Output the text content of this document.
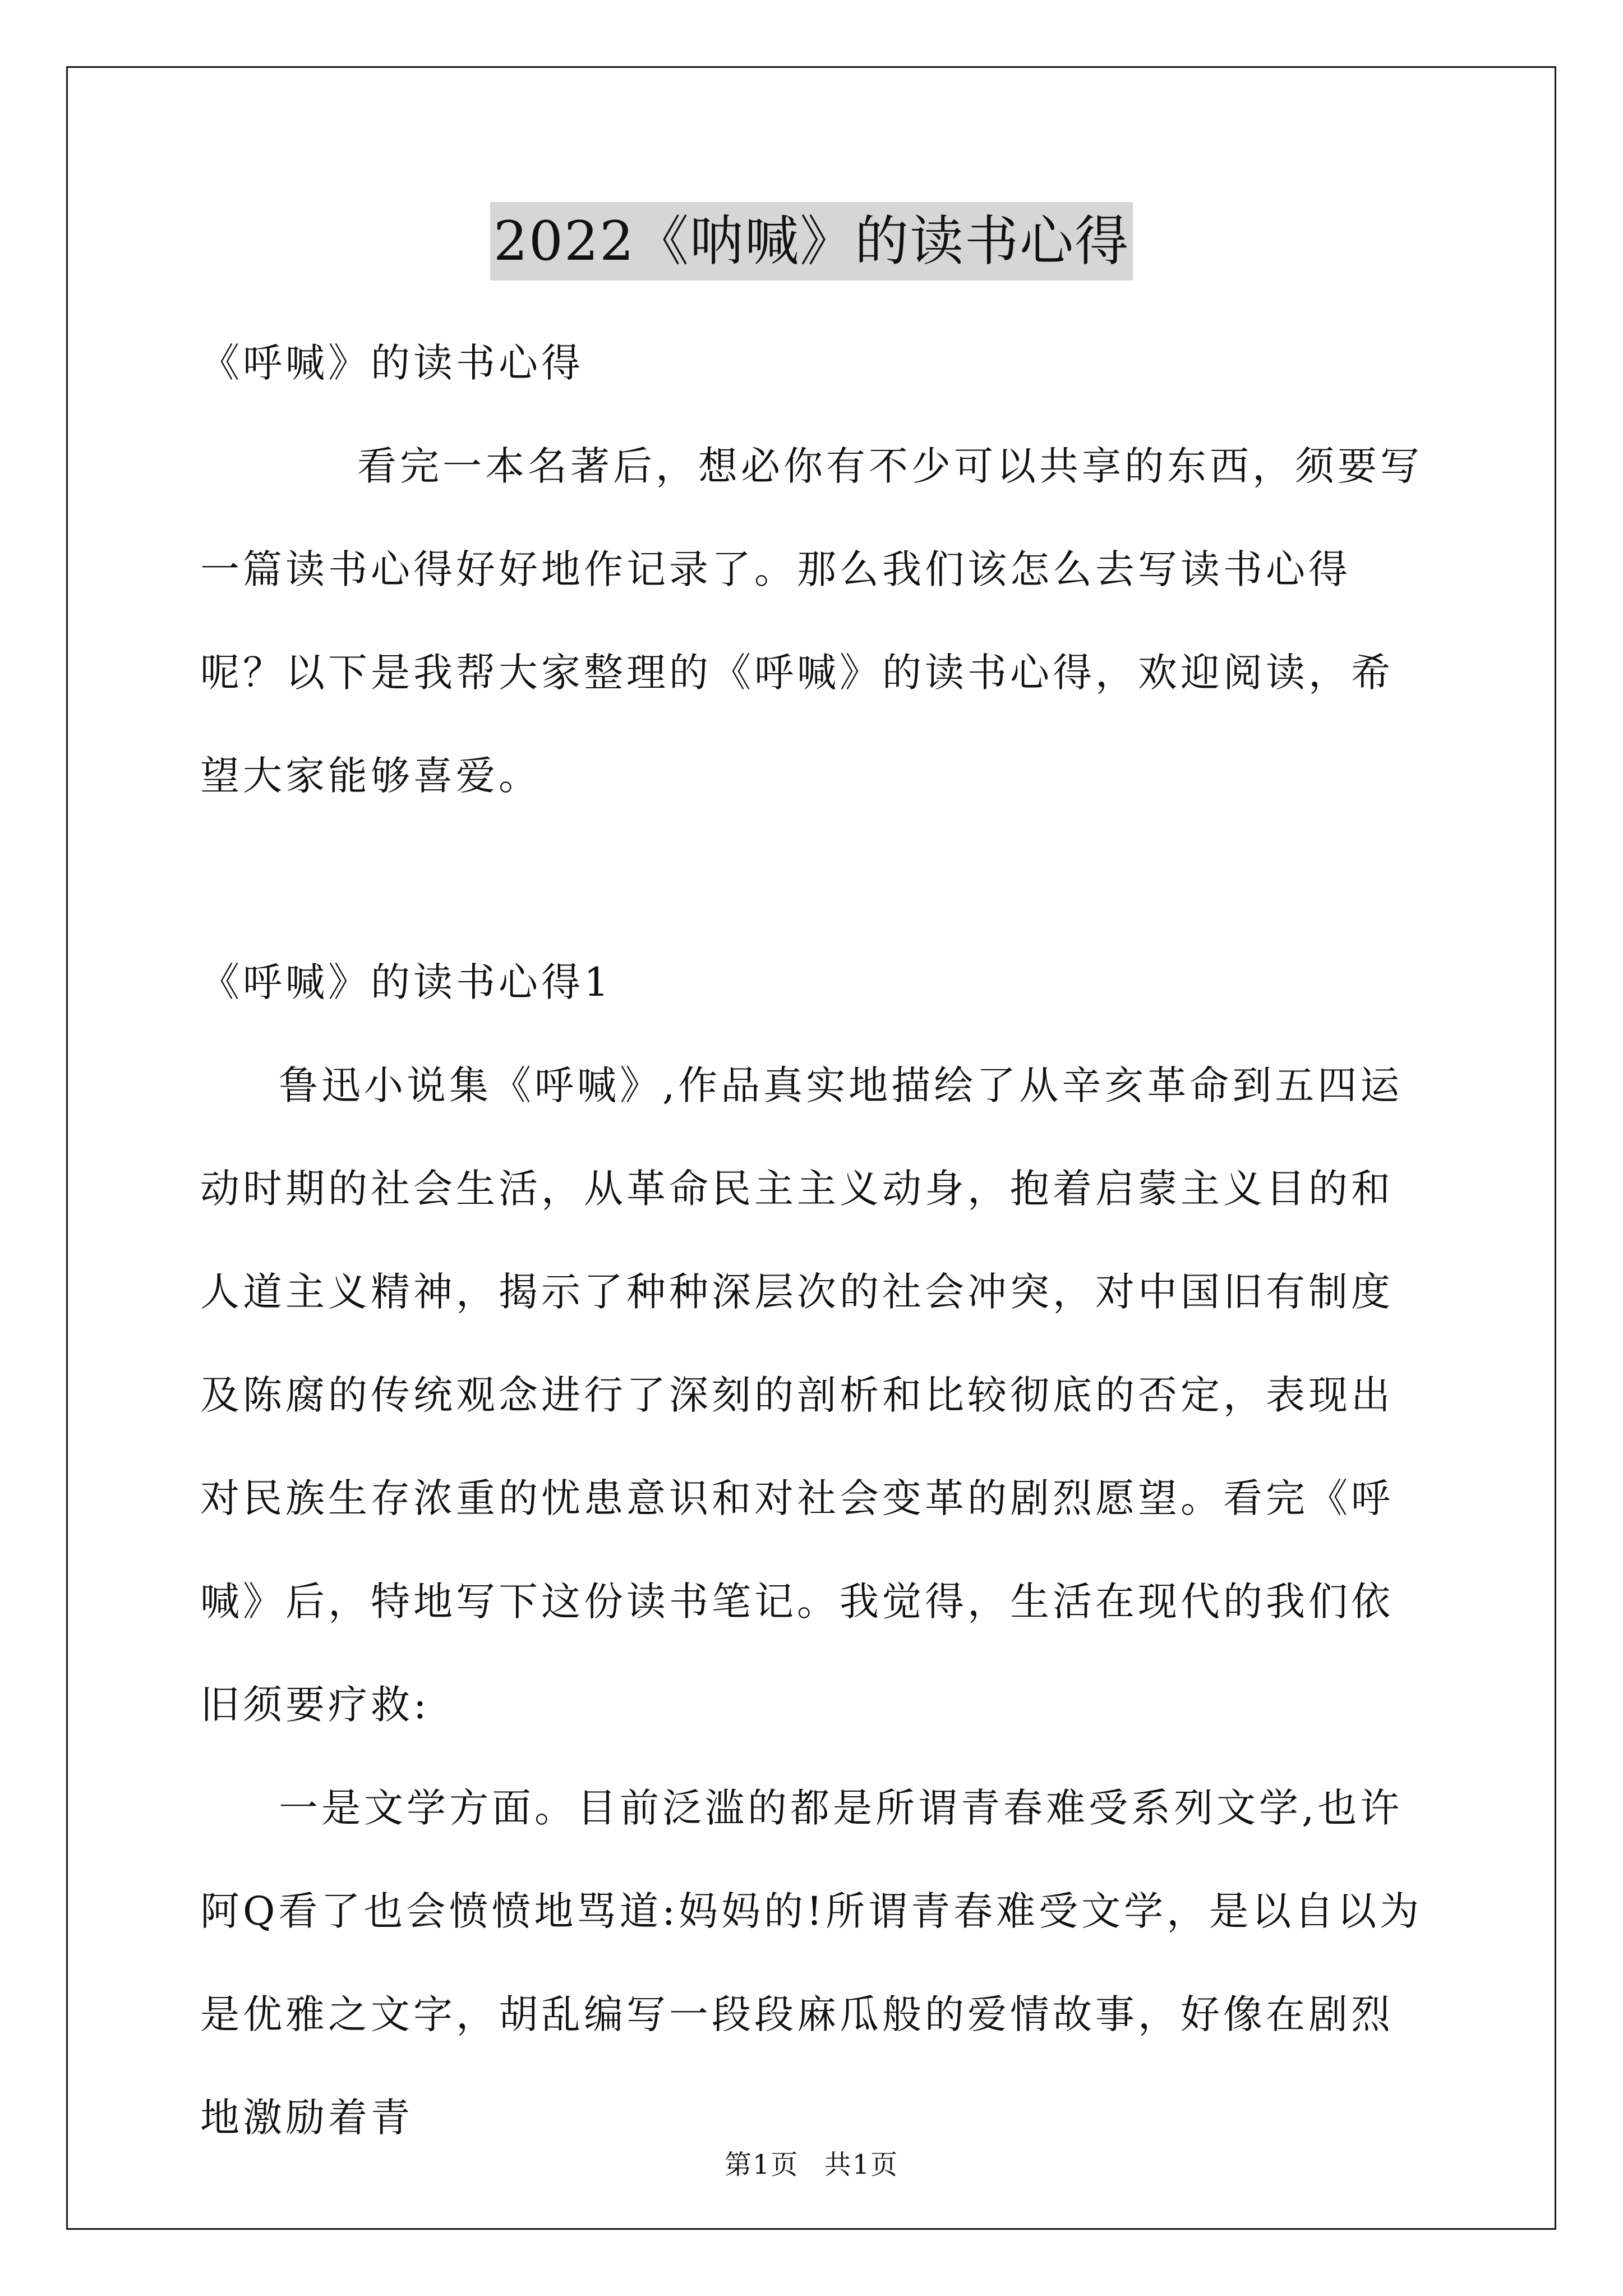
2022《呐喊》的读书心得

《呼喊》的读书心得

看完一本名著后，想必你有不少可以共享的东西，须要写一篇读书心得好好地作记录了。那么我们该怎么去写读书心得呢？以下是我帮大家整理的《呼喊》的读书心得，欢迎阅读，希望大家能够喜爱。

《呼喊》的读书心得1

鲁迅小说集《呼喊》,作品真实地描绘了从辛亥革命到五四运动时期的社会生活，从革命民主主义动身，抱着启蒙主义目的和人道主义精神，揭示了种种深层次的社会冲突，对中国旧有制度及陈腐的传统观念进行了深刻的剖析和比较彻底的否定，表现出对民族生存浓重的忧患意识和对社会变革的剧烈愿望。看完《呼喊》后，特地写下这份读书笔记。我觉得，生活在现代的我们依旧须要疗救:

一是文学方面。目前泛滥的都是所谓青春难受系列文学,也许阿Q看了也会愤愤地骂道:妈妈的!所谓青春难受文学，是以自以为是优雅之文字，胡乱编写一段段麻瓜般的爱情故事，好像在剧烈地激励着青

第1页 共1页
